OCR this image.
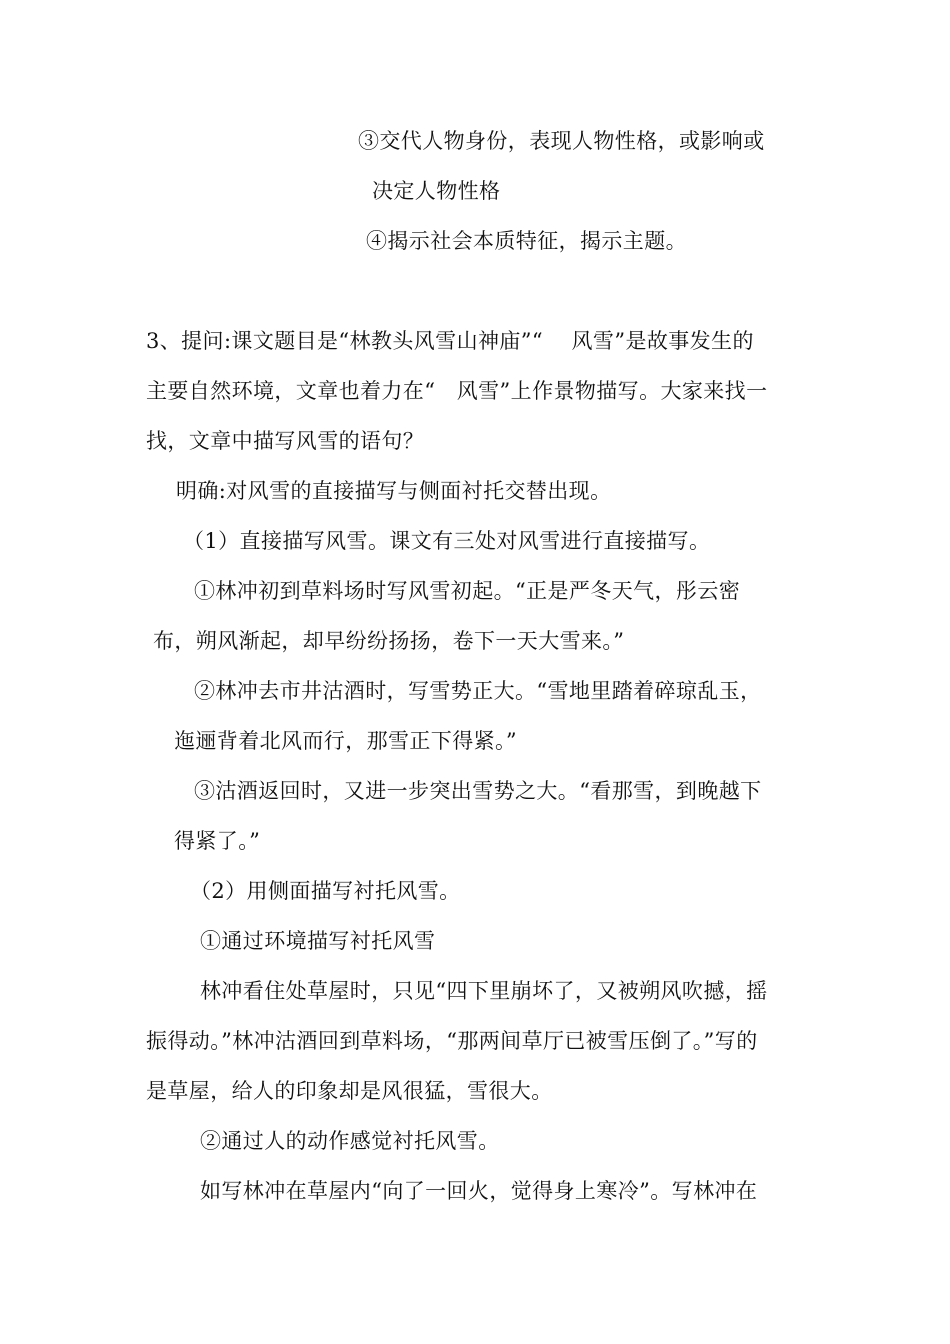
③交代人物身份，表现人物性格，或影响或

决定人物性格

④揭示社会本质特征，揭示主题。

3、提问:课文题目是“林教头风雪山神庙”“　 风雪”是故事发生的

主要自然环境，文章也着力在“　风雪”上作景物描写。大家来找一

找，文章中描写风雪的语句？

明确:对风雪的直接描写与侧面衬托交替出现。

（1）直接描写风雪。课文有三处对风雪进行直接描写。

①林冲初到草料场时写风雪初起。“正是严冬天气，彤云密

布，朔风渐起，却早纷纷扬扬，卷下一天大雪来。”

②林冲去市井沽酒时，写雪势正大。“雪地里踏着碎琼乱玉，

迤逦背着北风而行，那雪正下得紧。”

③沽酒返回时，又进一步突出雪势之大。“看那雪，到晚越下

得紧了。”

（2）用侧面描写衬托风雪。

①通过环境描写衬托风雪

林冲看住处草屋时，只见“四下里崩坏了，又被朔风吹撼，摇

振得动。”林冲沽酒回到草料场，“那两间草厅已被雪压倒了。”写的

是草屋，给人的印象却是风很猛，雪很大。

②通过人的动作感觉衬托风雪。

如写林冲在草屋内“向了一回火，觉得身上寒冷”。写林冲在
